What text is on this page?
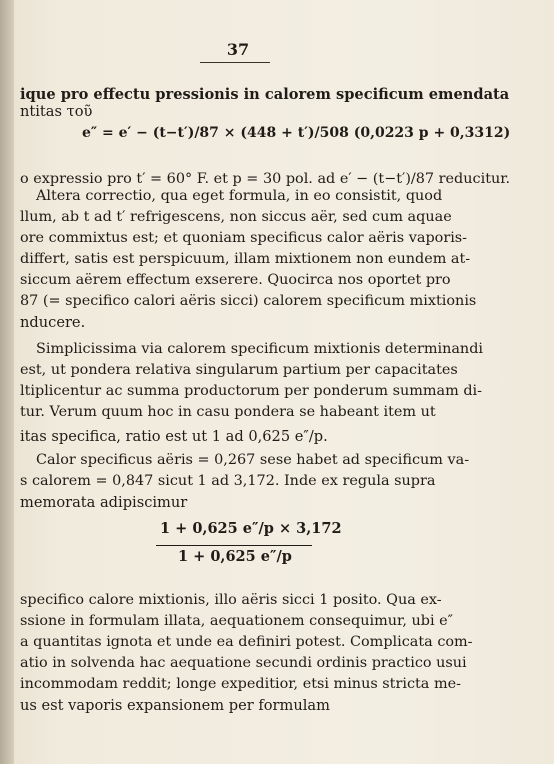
37
ique pro effectu pressionis in calorem specificum emendata
ntitas τοῦ
e″ = e′ − (t−t′)/87 × (448 + t′)/508 (0,0223 p + 0,3312)
o expressio pro t′ = 60° F. et p = 30 pol. ad e′ − (t−t′)/87 reducitur.
Altera correctio, qua eget formula, in eo consistit, quod
llum, ab t ad t′ refrigescens, non siccus aër, sed cum aquae
ore commixtus est; et quoniam specificus calor aëris vaporis-
differt, satis est perspicuum, illam mixtionem non eundem at-
siccum aërem effectum exserere. Quocirca nos oportet pro
87 (= specifico calori aëris sicci) calorem specificum mixtionis
nducere.
Simplicissima via calorem specificum mixtionis determinandi
est, ut pondera relativa singularum partium per capacitates
ltiplicentur ac summa productorum per ponderum summam di-
tur. Verum quum hoc in casu pondera se habeant item ut
itas specifica, ratio est ut 1 ad 0,625 e″/p.
Calor specificus aëris = 0,267 sese habet ad specificum va-
s calorem = 0,847 sicut 1 ad 3,172. Inde ex regula supra
memorata adipiscimur
1 + 0,625 e″/p × 3,172
1 + 0,625 e″/p
specifico calore mixtionis, illo aëris sicci 1 posito. Qua ex-
ssione in formulam illata, aequationem consequimur, ubi e″
a quantitas ignota et unde ea definiri potest. Complicata com-
atio in solvenda hac aequatione secundi ordinis practico usui
incommodam reddit; longe expeditior, etsi minus stricta me-
us est vaporis expansionem per formulam
